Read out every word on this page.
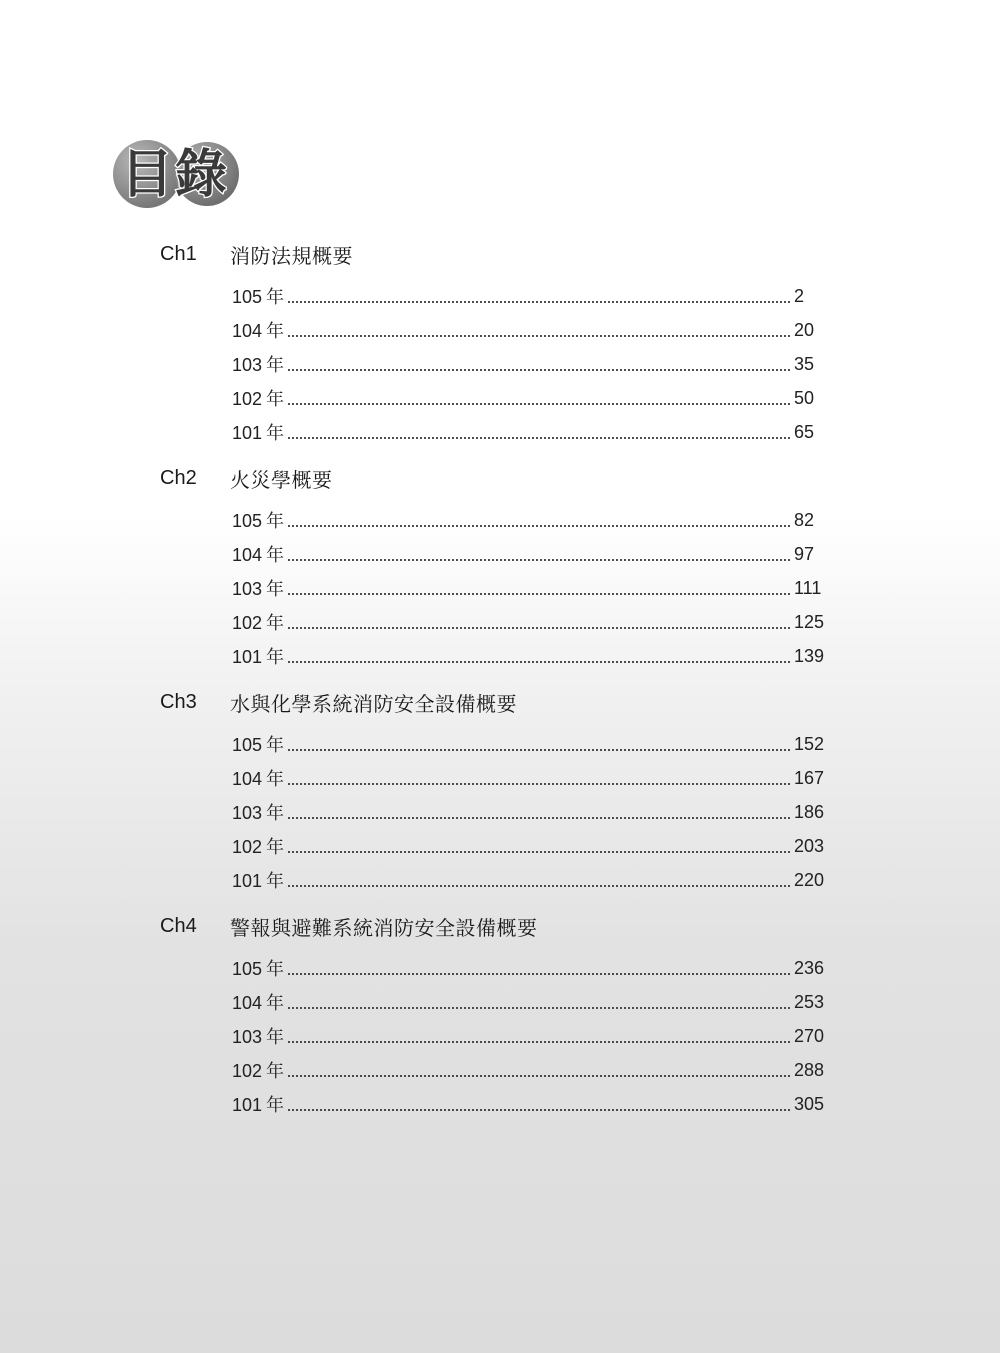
目錄
Ch1	消防法規概要
105 年	2
104 年	20
103 年	35
102 年	50
101 年	65
Ch2	火災學概要
105 年	82
104 年	97
103 年	111
102 年	125
101 年	139
Ch3	水與化學系統消防安全設備概要
105 年	152
104 年	167
103 年	186
102 年	203
101 年	220
Ch4	警報與避難系統消防安全設備概要
105 年	236
104 年	253
103 年	270
102 年	288
101 年	305
